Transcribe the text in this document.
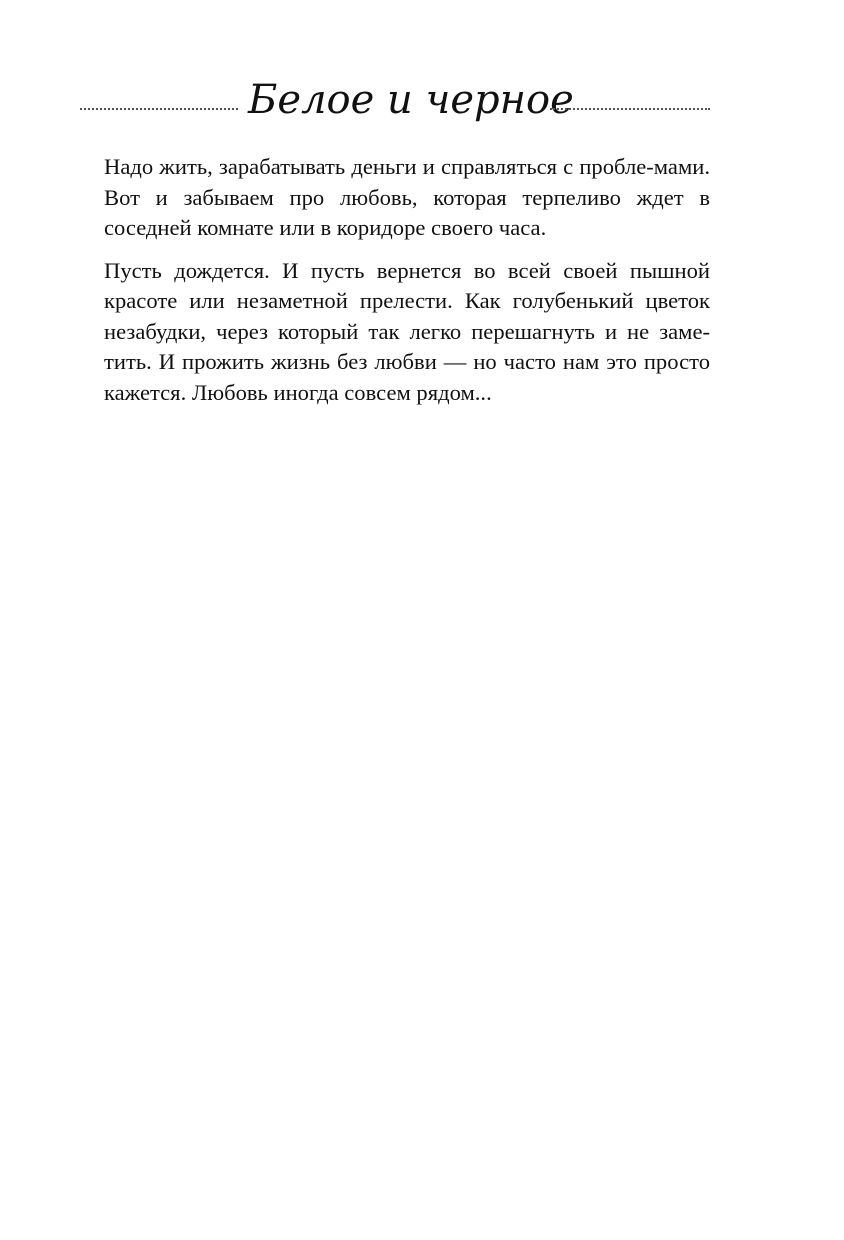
Белое и черное

Надо жить, зарабатывать деньги и справляться с пробле-мами. Вот и забываем про любовь, которая терпеливо ждет в соседней комнате или в коридоре своего часа.

Пусть дождется. И пусть вернется во всей своей пышной красоте или незаметной прелести. Как голубенький цветок незабудки, через который так легко перешагнуть и не заме-тить. И прожить жизнь без любви — но часто нам это просто кажется. Любовь иногда совсем рядом...
